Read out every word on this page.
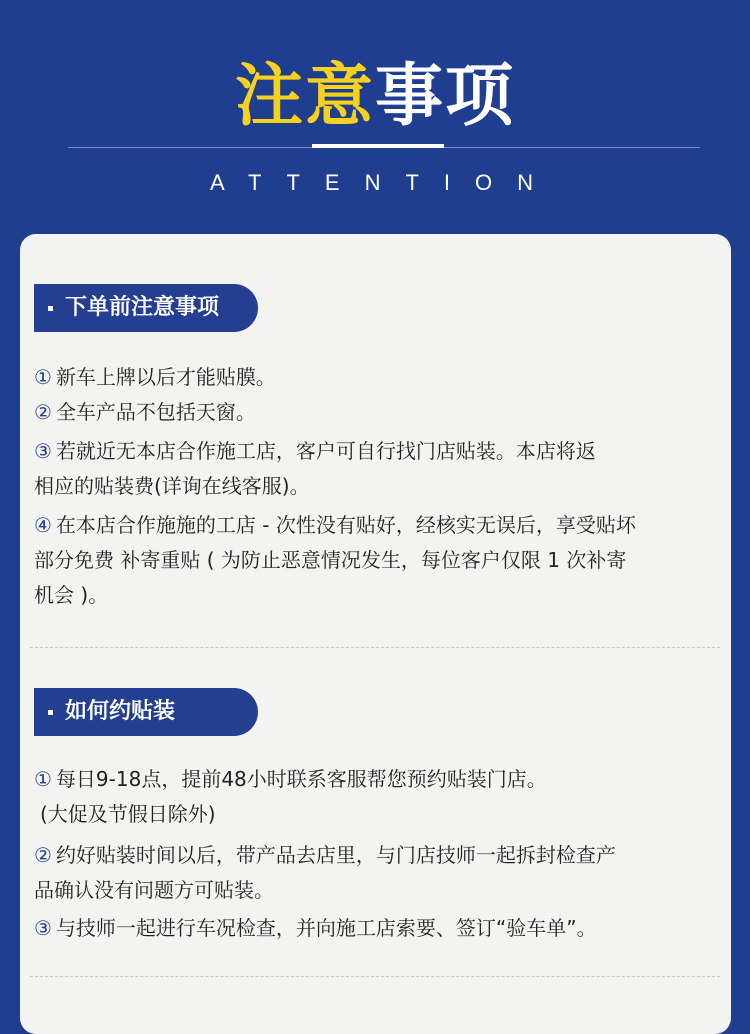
注意事项
ATTENTION
下单前注意事项
① 新车上牌以后才能贴膜。
② 全车产品不包括天窗。
③ 若就近无本店合作施工店，客户可自行找门店贴装。本店将返
相应的贴装费(详询在线客服)。
④ 在本店合作施施的工店 - 次性没有贴好，经核实无误后，享受贴坏
部分免费 补寄重贴 ( 为防止恶意情况发生，每位客户仅限 1 次补寄
机会 )。
如何约贴装
① 每日9-18点，提前48小时联系客服帮您预约贴装门店。
(大促及节假日除外)
② 约好贴装时间以后，带产品去店里，与门店技师一起拆封检查产
品确认没有问题方可贴装。
③ 与技师一起进行车况检查，并向施工店索要、签订“验车单”。
